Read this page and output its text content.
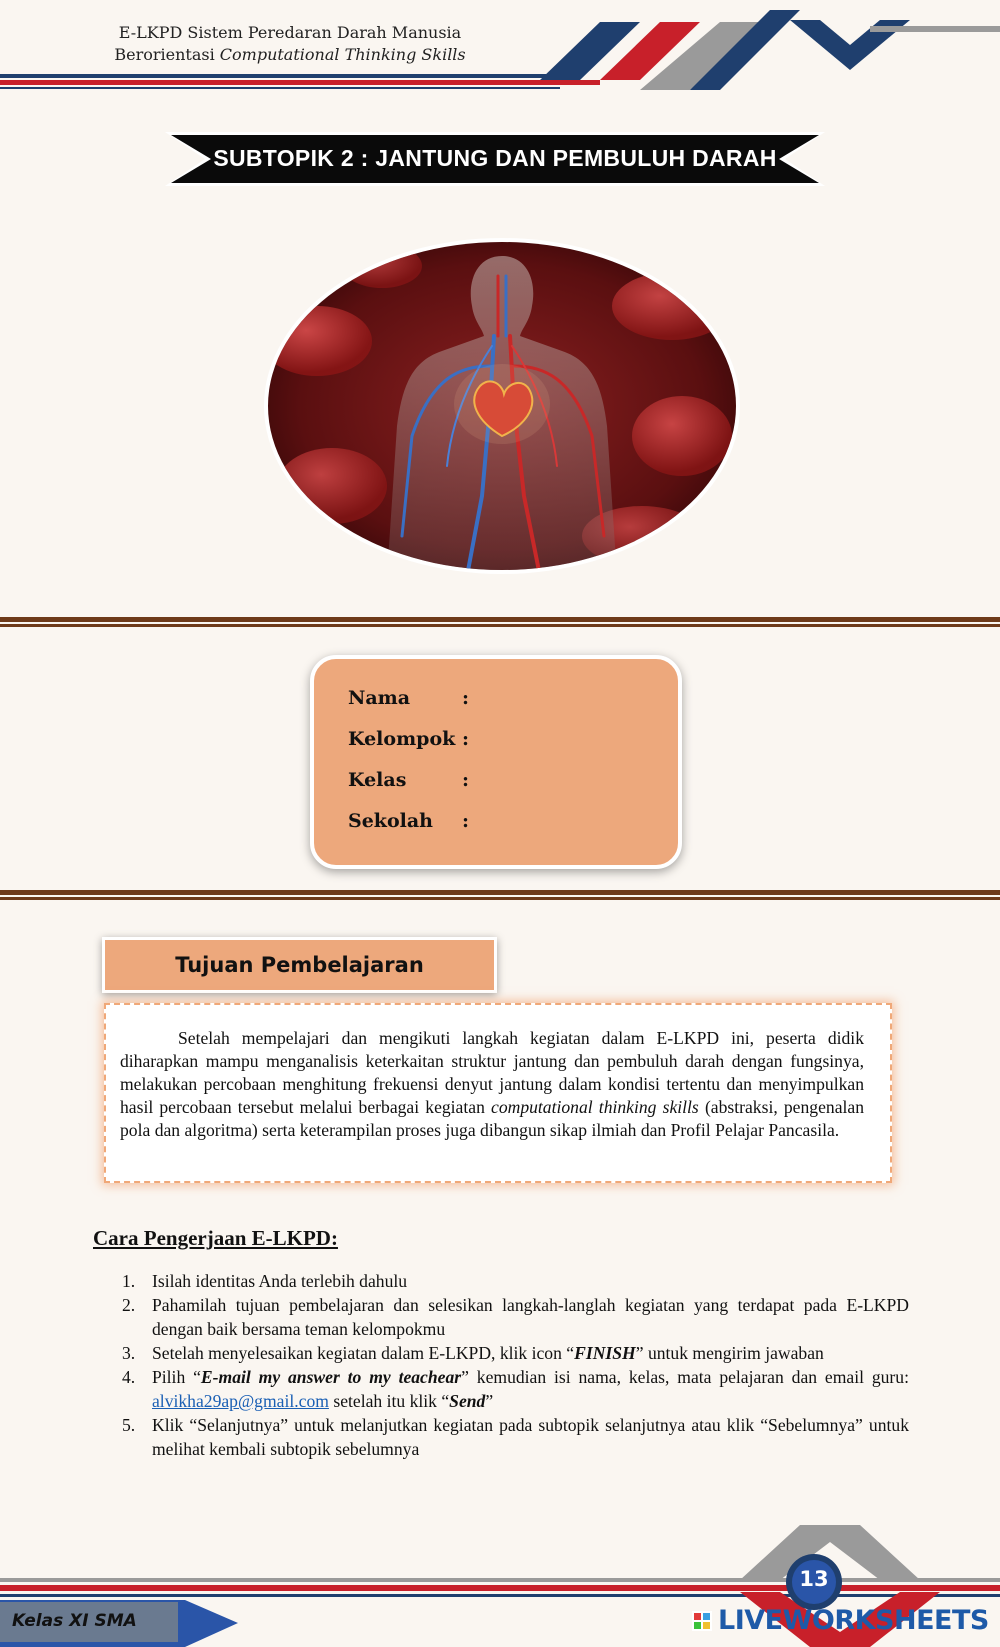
E-LKPD Sistem Peredaran Darah Manusia
Berorientasi Computational Thinking Skills
SUBTOPIK 2 : JANTUNG DAN PEMBULUH DARAH
Nama	:
Kelompok :
Kelas	:
Sekolah :
Tujuan Pembelajaran
Setelah mempelajari dan mengikuti langkah kegiatan dalam E-LKPD ini, peserta didik diharapkan mampu menganalisis keterkaitan struktur jantung dan pembuluh darah dengan fungsinya, melakukan percobaan menghitung frekuensi denyut jantung dalam kondisi tertentu dan menyimpulkan hasil percobaan tersebut melalui berbagai kegiatan computational thinking skills (abstraksi, pengenalan pola dan algoritma) serta keterampilan proses juga dibangun sikap ilmiah dan Profil Pelajar Pancasila.
Cara Pengerjaan E-LKPD:
1. Isilah identitas Anda terlebih dahulu
2. Pahamilah tujuan pembelajaran dan selesikan langkah-langlah kegiatan yang terdapat pada E-LKPD dengan baik bersama teman kelompokmu
3. Setelah menyelesaikan kegiatan dalam E-LKPD, klik icon “FINISH” untuk mengirim jawaban
4. Pilih “E-mail my answer to my teachear” kemudian isi nama, kelas, mata pelajaran dan email guru: alvikha29ap@gmail.com setelah itu klik “Send”
5. Klik “Selanjutnya” untuk melanjutkan kegiatan pada subtopik selanjutnya atau klik “Sebelumnya” untuk melihat kembali subtopik sebelumnya
Kelas XI SMA
13
LIVEWORKSHEETS
